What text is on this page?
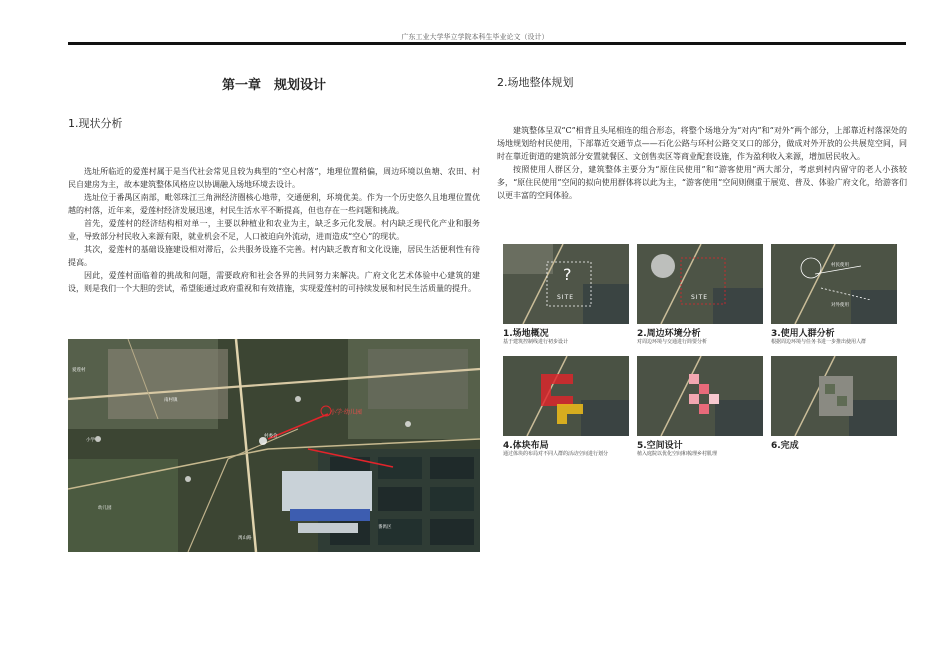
广东工业大学华立学院本科生毕业论文（设计）
第一章　规划设计
1.现状分析

选址所临近的爱莲村属于是当代社会常见且较为典型的“空心村落”，地理位置稍偏，周边环境以鱼塘、农田、村民自建房为主，故本建筑整体风格应以协调融入场地环境去设计。

选址位于番禺区南部，毗邻珠江三角洲经济圈核心地带，交通便利，环境优美。作为一个历史悠久且地理位置优越的村落，近年来，爱莲村经济发展迅速，村民生活水平不断提高，但也存在一些问题和挑战。

首先，爱莲村的经济结构相对单一，主要以种植业和农业为主，缺乏多元化发展。村内缺乏现代化产业和服务业，导致部分村民收入来源有限，就业机会不足，人口被迫向外流动，进而造成“空心”的现状。

其次，爱莲村的基础设施建设相对滞后，公共服务设施不完善。村内缺乏教育和文化设施，居民生活便利性有待提高。

因此，爱莲村面临着的挑战和问题，需要政府和社会各界的共同努力来解决。广府文化艺术体验中心建筑的建设，则是我们一个大胆的尝试，希望能通过政府重视和有效措施，实现爱莲村的可持续发展和村民生活质量的提升。

爱莲村
南村镇
小学
幼儿园
小学·幼儿园
村委会
番禺区
禺山路
2.场地整体规划

建筑整体呈双“C”相背且头尾相连的组合形态，将整个场地分为“对内”和“对外”两个部分，上部靠近村落深处的场地规划给村民使用，下部靠近交通节点——石化公路与环村公路交叉口的部分，做成对外开放的公共展览空间，同时在靠近街道的建筑部分安置就餐区、文创售卖区等商业配套设施，作为盈利收入来源，增加居民收入。

按照使用人群区分，建筑整体主要分为“原住民使用”和“游客使用”两大部分，考虑到村内留守的老人小孩较多，“原住民使用”空间的拟向使用群体将以此为主，“游客使用”空间则侧重于展览、普及、体验广府文化，给游客们以更丰富的空间体验。

?
SITE
1.场地概况
基于建筑控制线进行初步设计
SITE
2.周边环境分析
对周边环境与交通进行简要分析
村民使用
对外使用
3.使用人群分析
根据周边环境与任务书进一步推出使用人群
4.体块布局
通过体块的布局对不同人群的活动空间进行划分
5.空间设计
植入庭院以优化空间和梳理乡村肌理
6.完成
